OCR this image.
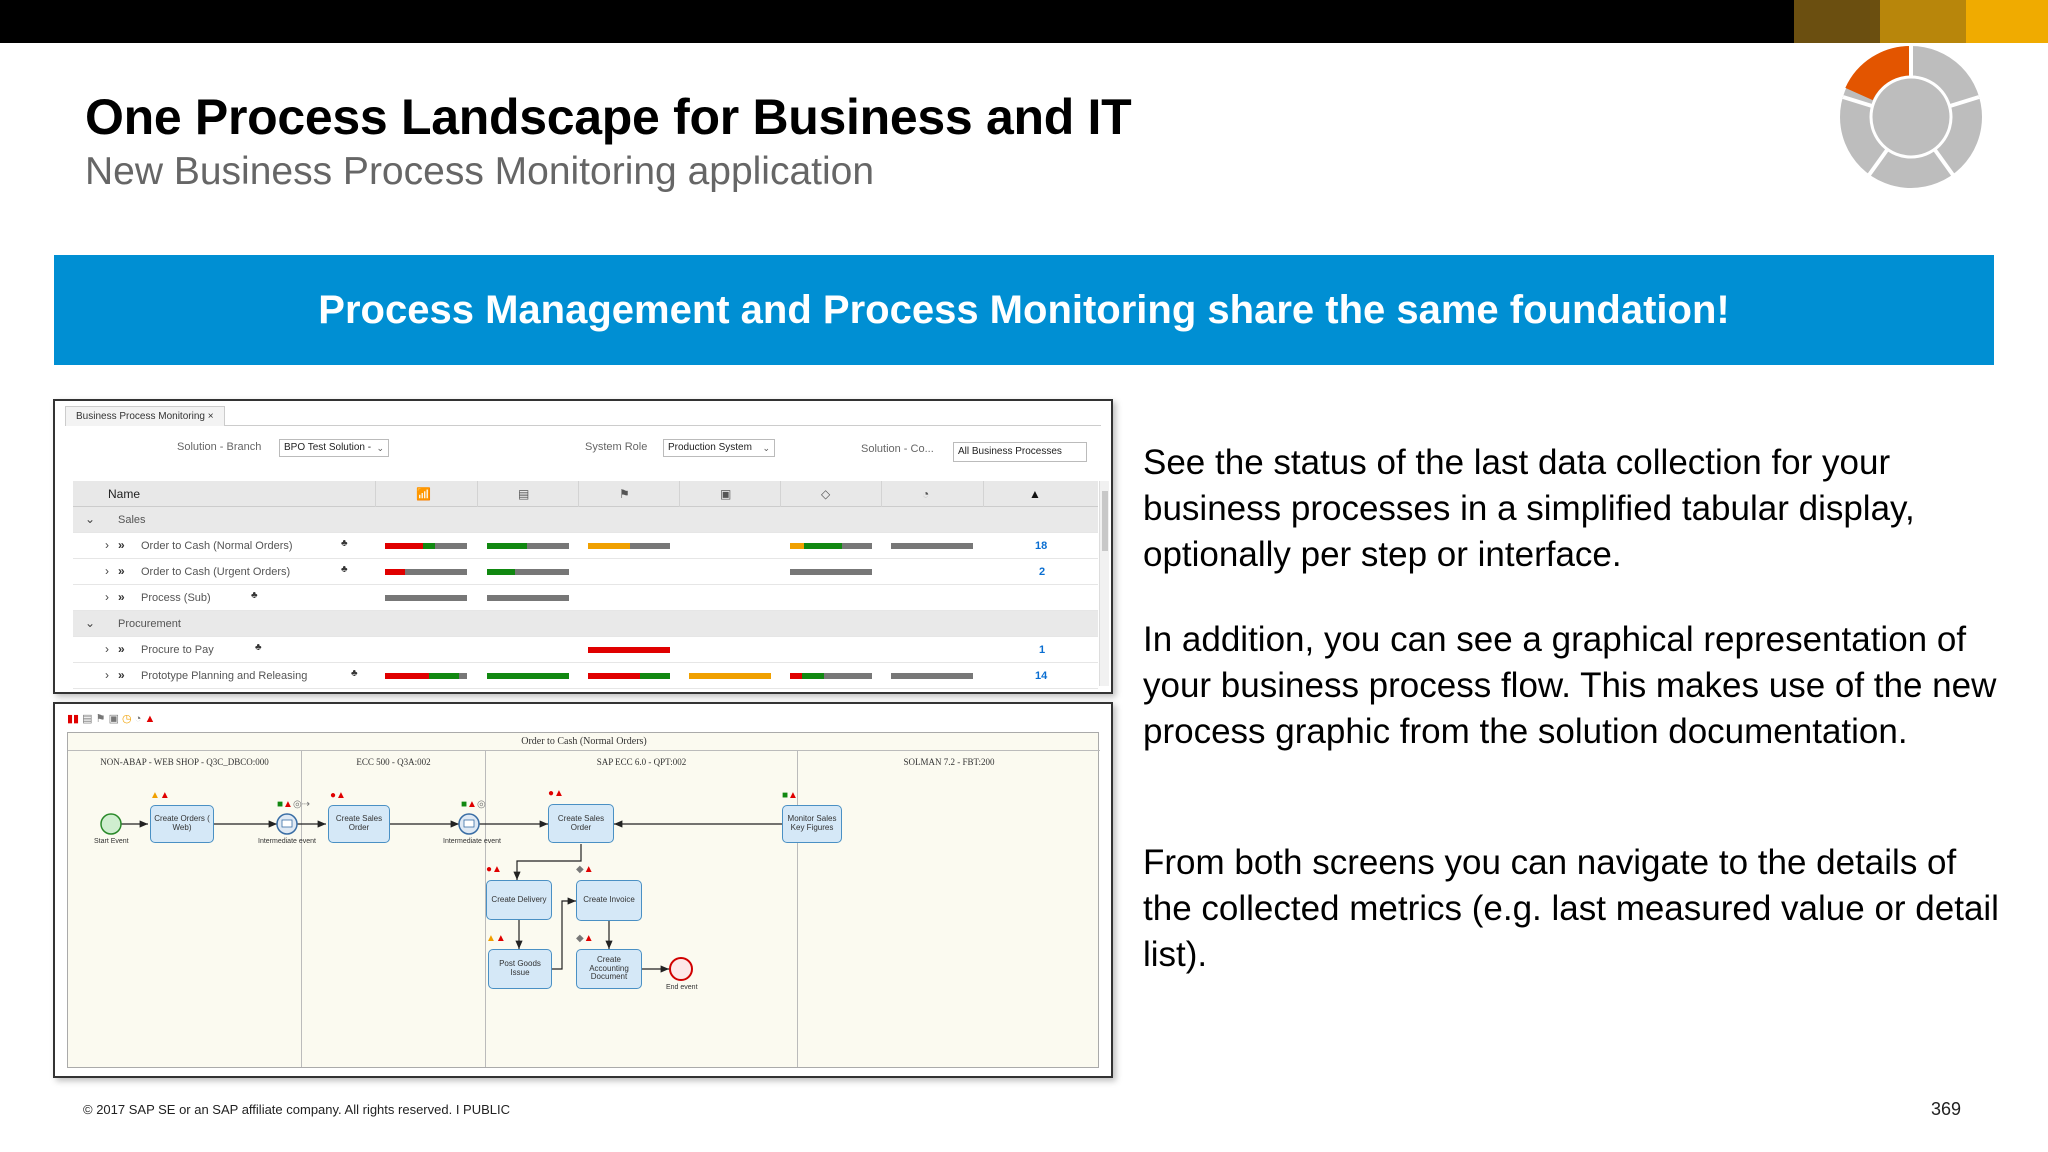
One Process Landscape for Business and IT
New Business Process Monitoring application
Process Management and Process Monitoring share the same foundation!
Business Process Monitoring ×
Solution - Branch	BPO Test Solution - ⌄	System Role	Production System ⌄	Solution - Co...	All Business Processes
Name	📶	▤	⚑	▣	◇	◔	▲
⌄ Sales
› » Order to Cash (Normal Orders)	♣	18
› » Order to Cash (Urgent Orders)	♣	2
› » Process (Sub)	♣
⌄ Procurement
› » Procure to Pay	♣	1
› » Prototype Planning and Releasing	♣	14
▮▮ ▤ ⚑ ▣ ◷ ◔ ▲
Order to Cash (Normal Orders)
NON-ABAP - WEB SHOP - Q3C_DBCO:000	ECC 500 - Q3A:002	SAP ECC 6.0 - QPT:002	SOLMAN 7.2 - FBT:200
Start Event	Intermediate event	Intermediate event
End event
▲▲
■▲◎⇢
●▲
■▲◎
●▲	■▲
●▲	◆▲
▲▲	◆▲
Create Orders ( Web)
Create Sales Order
Create Sales Order
Monitor Sales Key Figures
Create Delivery	Create Invoice
Post Goods Issue
Create Accounting Document

See the status of the last data collection for your business processes in a simplified tabular display, optionally per step or interface.

In addition, you can see a graphical representation of your business process flow. This makes use of the new process graphic from the solution documentation.

From both screens you can navigate to the details of the collected metrics (e.g. last measured value or detail list).

© 2017 SAP SE or an SAP affiliate company. All rights reserved. I PUBLIC	369
